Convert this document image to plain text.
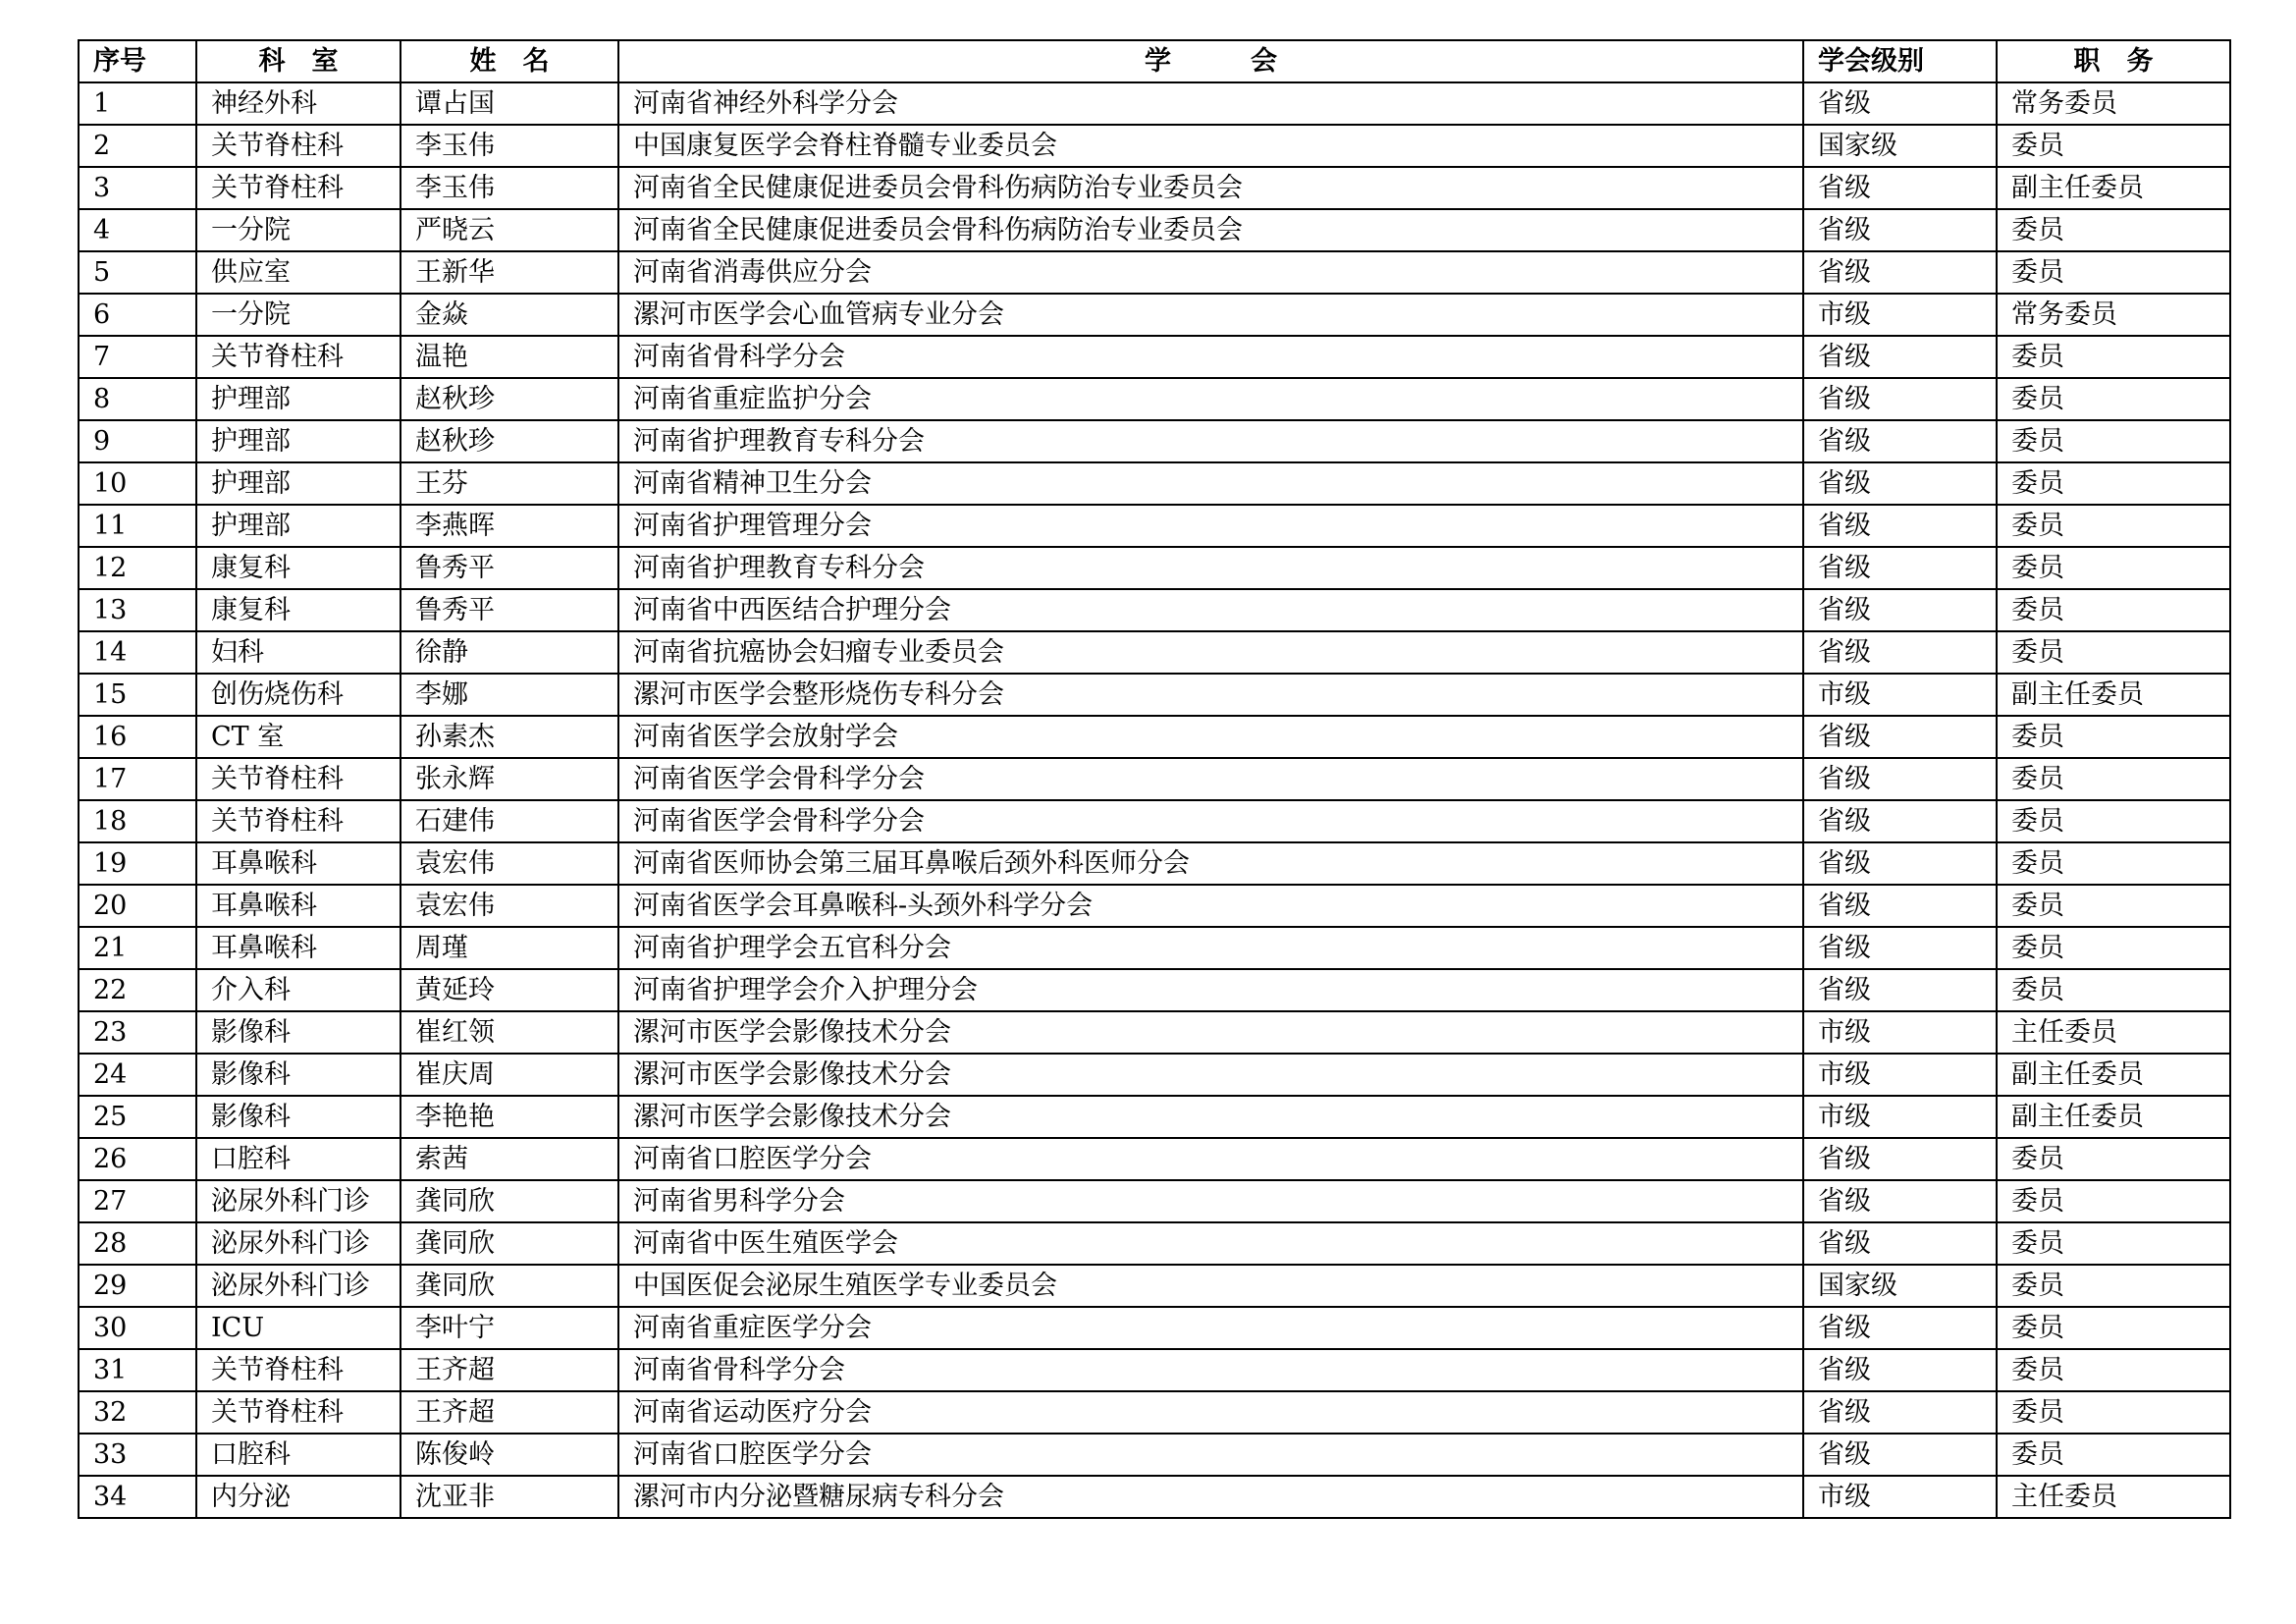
序号	科　室	姓　名	学　　　会	学会级别	职　务
1	神经外科	谭占国	河南省神经外科学分会	省级	常务委员
2	关节脊柱科	李玉伟	中国康复医学会脊柱脊髓专业委员会	国家级	委员
3	关节脊柱科	李玉伟	河南省全民健康促进委员会骨科伤病防治专业委员会	省级	副主任委员
4	一分院	严晓云	河南省全民健康促进委员会骨科伤病防治专业委员会	省级	委员
5	供应室	王新华	河南省消毒供应分会	省级	委员
6	一分院	金焱	漯河市医学会心血管病专业分会	市级	常务委员
7	关节脊柱科	温艳	河南省骨科学分会	省级	委员
8	护理部	赵秋珍	河南省重症监护分会	省级	委员
9	护理部	赵秋珍	河南省护理教育专科分会	省级	委员
10	护理部	王芬	河南省精神卫生分会	省级	委员
11	护理部	李燕晖	河南省护理管理分会	省级	委员
12	康复科	鲁秀平	河南省护理教育专科分会	省级	委员
13	康复科	鲁秀平	河南省中西医结合护理分会	省级	委员
14	妇科	徐静	河南省抗癌协会妇瘤专业委员会	省级	委员
15	创伤烧伤科	李娜	漯河市医学会整形烧伤专科分会	市级	副主任委员
16	CT 室	孙素杰	河南省医学会放射学会	省级	委员
17	关节脊柱科	张永辉	河南省医学会骨科学分会	省级	委员
18	关节脊柱科	石建伟	河南省医学会骨科学分会	省级	委员
19	耳鼻喉科	袁宏伟	河南省医师协会第三届耳鼻喉后颈外科医师分会	省级	委员
20	耳鼻喉科	袁宏伟	河南省医学会耳鼻喉科-头颈外科学分会	省级	委员
21	耳鼻喉科	周瑾	河南省护理学会五官科分会	省级	委员
22	介入科	黄延玲	河南省护理学会介入护理分会	省级	委员
23	影像科	崔红领	漯河市医学会影像技术分会	市级	主任委员
24	影像科	崔庆周	漯河市医学会影像技术分会	市级	副主任委员
25	影像科	李艳艳	漯河市医学会影像技术分会	市级	副主任委员
26	口腔科	索茜	河南省口腔医学分会	省级	委员
27	泌尿外科门诊	龚同欣	河南省男科学分会	省级	委员
28	泌尿外科门诊	龚同欣	河南省中医生殖医学会	省级	委员
29	泌尿外科门诊	龚同欣	中国医促会泌尿生殖医学专业委员会	国家级	委员
30	ICU	李叶宁	河南省重症医学分会	省级	委员
31	关节脊柱科	王齐超	河南省骨科学分会	省级	委员
32	关节脊柱科	王齐超	河南省运动医疗分会	省级	委员
33	口腔科	陈俊岭	河南省口腔医学分会	省级	委员
34	内分泌	沈亚非	漯河市内分泌暨糖尿病专科分会	市级	主任委员
